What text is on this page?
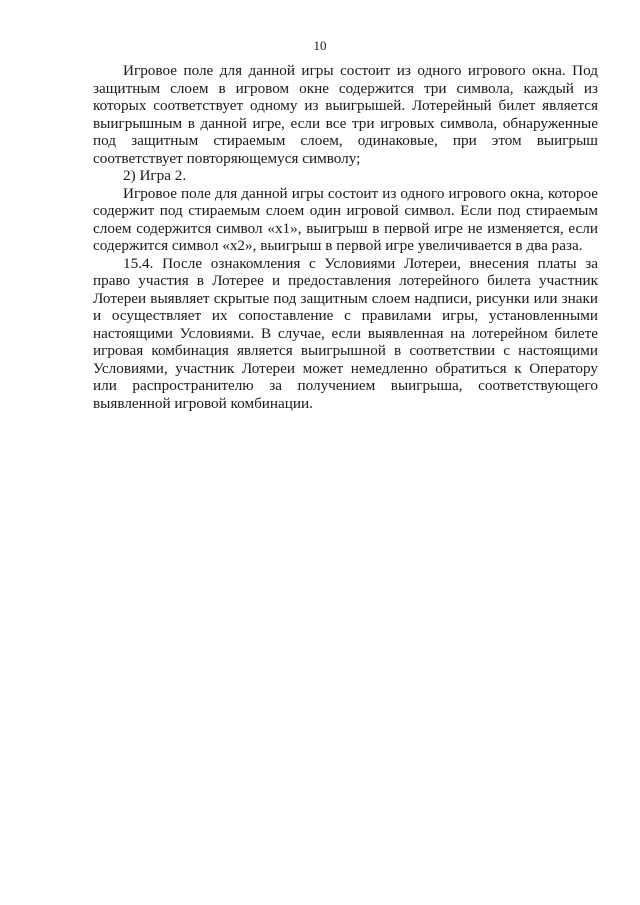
10

Игровое поле для данной игры состоит из одного игрового окна. Под защитным слоем в игровом окне содержится три символа, каждый из которых соответствует одному из выигрышей. Лотерейный билет является выигрышным в данной игре, если все три игровых символа, обнаруженные под защитным стираемым слоем, одинаковые, при этом выигрыш соответствует повторяющемуся символу;

2) Игра 2.

Игровое поле для данной игры состоит из одного игрового окна, которое содержит под стираемым слоем один игровой символ. Если под стираемым слоем содержится символ «х1», выигрыш в первой игре не изменяется, если содержится символ «х2», выигрыш в первой игре увеличивается в два раза.

15.4. После ознакомления с Условиями Лотереи, внесения платы за право участия в Лотерее и предоставления лотерейного билета участник Лотереи выявляет скрытые под защитным слоем надписи, рисунки или знаки и осуществляет их сопоставление с правилами игры, установленными настоящими Условиями. В случае, если выявленная на лотерейном билете игровая комбинация является выигрышной в соответствии с настоящими Условиями, участник Лотереи может немедленно обратиться к Оператору или распространителю за получением выигрыша, соответствующего выявленной игровой комбинации.
